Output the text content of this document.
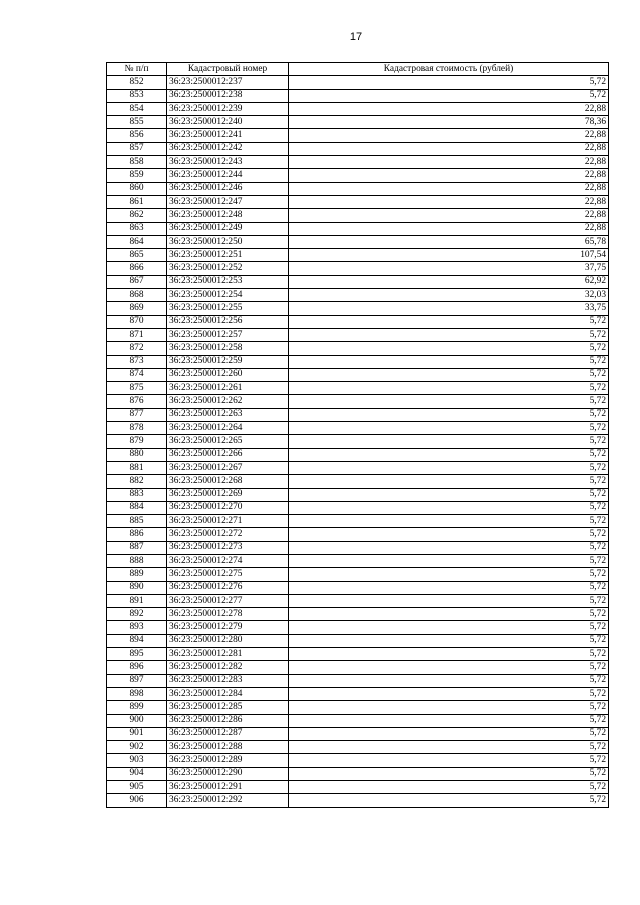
17
№ п/п	Кадастровый номер	Кадастровая стоимость (рублей)
852	36:23:2500012:237	5,72
853	36:23:2500012:238	5,72
854	36:23:2500012:239	22,88
855	36:23:2500012:240	78,36
856	36:23:2500012:241	22,88
857	36:23:2500012:242	22,88
858	36:23:2500012:243	22,88
859	36:23:2500012:244	22,88
860	36:23:2500012:246	22,88
861	36:23:2500012:247	22,88
862	36:23:2500012:248	22,88
863	36:23:2500012:249	22,88
864	36:23:2500012:250	65,78
865	36:23:2500012:251	107,54
866	36:23:2500012:252	37,75
867	36:23:2500012:253	62,92
868	36:23:2500012:254	32,03
869	36:23:2500012:255	33,75
870	36:23:2500012:256	5,72
871	36:23:2500012:257	5,72
872	36:23:2500012:258	5,72
873	36:23:2500012:259	5,72
874	36:23:2500012:260	5,72
875	36:23:2500012:261	5,72
876	36:23:2500012:262	5,72
877	36:23:2500012:263	5,72
878	36:23:2500012:264	5,72
879	36:23:2500012:265	5,72
880	36:23:2500012:266	5,72
881	36:23:2500012:267	5,72
882	36:23:2500012:268	5,72
883	36:23:2500012:269	5,72
884	36:23:2500012:270	5,72
885	36:23:2500012:271	5,72
886	36:23:2500012:272	5,72
887	36:23:2500012:273	5,72
888	36:23:2500012:274	5,72
889	36:23:2500012:275	5,72
890	36:23:2500012:276	5,72
891	36:23:2500012:277	5,72
892	36:23:2500012:278	5,72
893	36:23:2500012:279	5,72
894	36:23:2500012:280	5,72
895	36:23:2500012:281	5,72
896	36:23:2500012:282	5,72
897	36:23:2500012:283	5,72
898	36:23:2500012:284	5,72
899	36:23:2500012:285	5,72
900	36:23:2500012:286	5,72
901	36:23:2500012:287	5,72
902	36:23:2500012:288	5,72
903	36:23:2500012:289	5,72
904	36:23:2500012:290	5,72
905	36:23:2500012:291	5,72
906	36:23:2500012:292	5,72
